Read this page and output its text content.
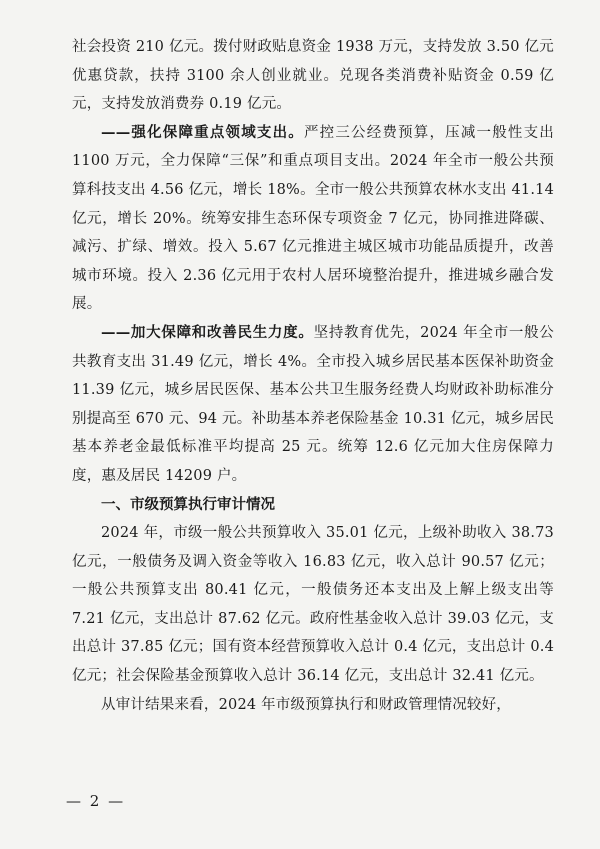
社会投资 210 亿元。拨付财政贴息资金 1938 万元，支持发放 3.50 亿元优惠贷款，扶持 3100 余人创业就业。兑现各类消费补贴资金 0.59 亿元，支持发放消费券 0.19 亿元。

——强化保障重点领域支出。严控三公经费预算，压减一般性支出 1100 万元，全力保障“三保”和重点项目支出。2024 年全市一般公共预算科技支出 4.56 亿元，增长 18%。全市一般公共预算农林水支出 41.14 亿元，增长 20%。统筹安排生态环保专项资金 7 亿元，协同推进降碳、减污、扩绿、增效。投入 5.67 亿元推进主城区城市功能品质提升，改善城市环境。投入 2.36 亿元用于农村人居环境整治提升，推进城乡融合发展。

——加大保障和改善民生力度。坚持教育优先，2024 年全市一般公共教育支出 31.49 亿元，增长 4%。全市投入城乡居民基本医保补助资金 11.39 亿元，城乡居民医保、基本公共卫生服务经费人均财政补助标准分别提高至 670 元、94 元。补助基本养老保险基金 10.31 亿元，城乡居民基本养老金最低标准平均提高 25 元。统筹 12.6 亿元加大住房保障力度，惠及居民 14209 户。

一、市级预算执行审计情况

2024 年，市级一般公共预算收入 35.01 亿元，上级补助收入 38.73 亿元，一般债务及调入资金等收入 16.83 亿元，收入总计 90.57 亿元；一般公共预算支出 80.41 亿元，一般债务还本支出及上解上级支出等 7.21 亿元，支出总计 87.62 亿元。政府性基金收入总计 39.03 亿元，支出总计 37.85 亿元；国有资本经营预算收入总计 0.4 亿元，支出总计 0.4 亿元；社会保险基金预算收入总计 36.14 亿元，支出总计 32.41 亿元。

从审计结果来看，2024 年市级预算执行和财政管理情况较好，

— 2 —
